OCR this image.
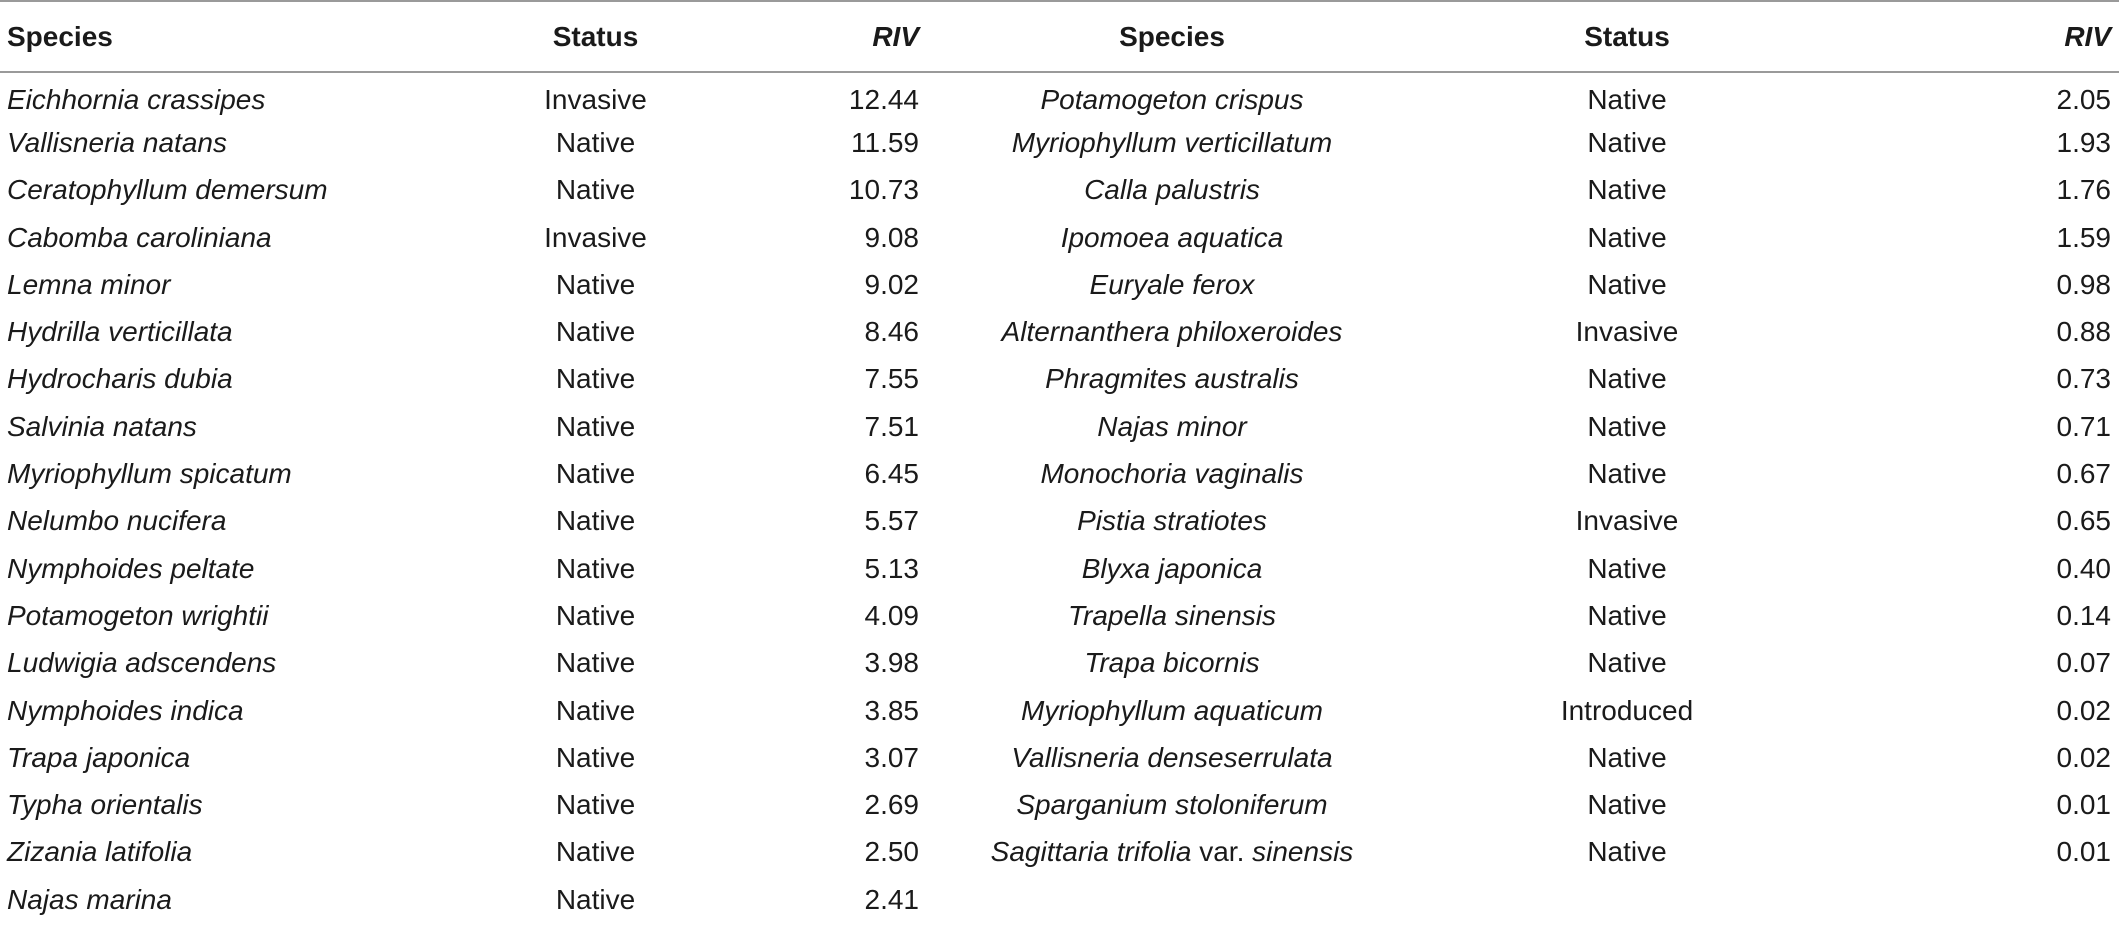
Species	Status	RIV	Species	Status	RIV
Eichhornia crassipes	Invasive	12.44	Potamogeton crispus	Native	2.05
Vallisneria natans	Native	11.59	Myriophyllum verticillatum	Native	1.93
Ceratophyllum demersum	Native	10.73	Calla palustris	Native	1.76
Cabomba caroliniana	Invasive	9.08	Ipomoea aquatica	Native	1.59
Lemna minor	Native	9.02	Euryale ferox	Native	0.98
Hydrilla verticillata	Native	8.46	Alternanthera philoxeroides	Invasive	0.88
Hydrocharis dubia	Native	7.55	Phragmites australis	Native	0.73
Salvinia natans	Native	7.51	Najas minor	Native	0.71
Myriophyllum spicatum	Native	6.45	Monochoria vaginalis	Native	0.67
Nelumbo nucifera	Native	5.57	Pistia stratiotes	Invasive	0.65
Nymphoides peltate	Native	5.13	Blyxa japonica	Native	0.40
Potamogeton wrightii	Native	4.09	Trapella sinensis	Native	0.14
Ludwigia adscendens	Native	3.98	Trapa bicornis	Native	0.07
Nymphoides indica	Native	3.85	Myriophyllum aquaticum	Introduced	0.02
Trapa japonica	Native	3.07	Vallisneria denseserrulata	Native	0.02
Typha orientalis	Native	2.69	Sparganium stoloniferum	Native	0.01
Zizania latifolia	Native	2.50	Sagittaria trifolia var. sinensis	Native	0.01
Najas marina	Native	2.41			
